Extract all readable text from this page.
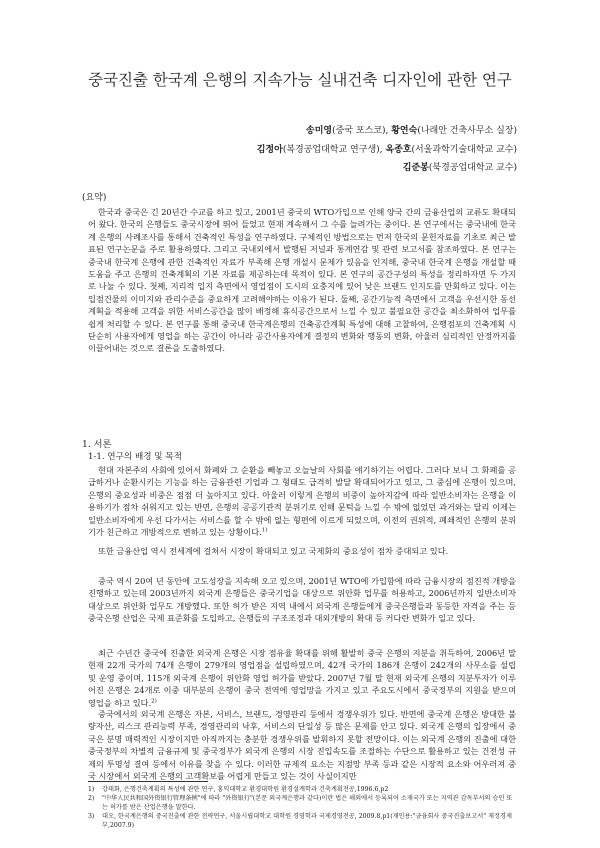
중국진출 한국계 은행의 지속가능 실내건축 디자인에 관한 연구
송미영(중국 포스코), 황연숙(나래안 건축사무소 실장)
김정아(복경공업대학교 연구생), 옥종호(서울과학기술대학교 교수)
김준봉(북경공업대학교 교수)
(요약)

한국과 중국은 긴 20년간 수교를 하고 있고, 2001년 중국의 WTO가입으로 인해 양국 간의 금융산업의 교류도 확대되어 왔다. 한국의 은행들도 중국시장에 뛰어 들었고 현재 계속해서 그 수를 늘려가는 중이다. 본 연구에서는 중국내에 한국계 은행의 사례조사를 통해서 건축적인 특성을 연구하였다. 구체적인 방법으로는 먼저 한국의 문헌자료를 기초로 최근 발표된 연구논문을 주로 활용하였다. 그리고 국내외에서 발행된 저널과 통계연감 및 관련 보고서를 참조하였다. 본 연구는 중국내 한국계 은행에 관한 건축적인 자료가 부족해 은행 개설시 문제가 있음을 인지해, 중국내 한국계 은행을 개설할 때 도움을 주고 은행의 건축계획의 기본 자료를 제공하는데 목적이 있다. 본 연구의 공간구성의 특성을 정리하자면 두 가지로 나눌 수 있다. 첫째, 지리적 입지 측면에서 영업점이 도시의 요충지에 있어 낮은 브랜드 인지도를 만회하고 있다. 이는 입점건물의 이미지와 관리수준을 중요하게 고려해야하는 이유가 된다. 둘째, 공간기능적 측면에서 고객을 우선시한 동선계획을 적용해 고객을 위한 서비스공간을 많이 배정해 휴식공간으로서 느낄 수 있고 불필요한 공간을 최소화하여 업무를 쉽게 처리할 수 있다. 본 연구를 통해 중국내 한국계은행의 건축공간계획 특성에 대해 고찰하여, 은행점포의 건축계획 시 단순히 사용자에게 영업을 하는 공간이 아니라 공간사용자에게 결정의 변화와 행동의 변화, 아울러 심리적인 안정까지를 이끌어내는 것으로 결론을 도출하였다.

1. 서론
1-1. 연구의 배경 및 목적

현대 자본주의 사회에 있어서 화폐와 그 순환을 빼놓고 오늘날의 사회를 얘기하기는 어렵다. 그러다 보니 그 화폐를 공급하거나 순환시키는 기능을 하는 금융관련 기업과 그 형태도 급격히 발달 확대되어가고 있고, 그 중심에 은행이 있으며, 은행의 중요성과 비중은 점점 더 높아지고 있다. 아울러 이렇게 은행의 비중이 높아지감에 따라 일반소비자는 은행을 이용하기가 점차 쉬워지고 있는 반면, 은행의 공공기관적 분위기로 인해 문턱을 느낄 수 밖에 없었던 과거와는 달리 이제는 일반소비자에게 우선 다가서는 서비스를 할 수 밖에 없는 형편에 이르게 되었으며, 이전의 권위적, 폐쇄적인 은행의 분위기가 친근하고 개방적으로 변하고 있는 상황이다.$^{1)}$

또한 금융산업 역시 전세계에 걸쳐서 시장이 확대되고 있고 국제화의 중요성이 점차 증대되고 있다.

중국 역시 20여 년 동안에 고도성장을 지속해 오고 있으며, 2001년 WTO에 가입함에 따라 금융시장의 점진적 개방을 진행하고 있는데 2003년까지 외국계 은행들은 중국기업을 대상으로 위안화 업무를 허용하고, 2006년까지 일반소비자 대상으로 위안화 업무도 개방했다. 또한 허가 받은 지역 내에서 외국계 은행들에게 중국은행들과 동등한 자격을 주는 등 중국은행 산업은 국제 표준화를 도입하고, 은행들의 구조조정과 대외개방의 확대 등 커다란 변화가 일고 있다.

최근 수년간 중국에 진출한 외국계 은행은 시장 점유율 확대를 위해 활발히 중국 은행의 지분을 취득하여, 2006년 말 현재 22개 국가의 74개 은행이 279개의 영업점을 설립하였으며, 42개 국가의 186개 은행이 242개의 사무소를 설립 및 운영 중이며, 115개 외국계 은행이 위안화 영업 허가를 받았다. 2007년 7월 말 현재 외국계 은행의 지분투자가 이루어진 은행은 24개로 이중 대부분의 은행이 중국 전역에 영업망을 가지고 있고 주요도시에서 중국정부의 지원을 받으며 영업을 하고 있다.$^{2)}$

중국에서의 외국계 은행은 자본, 서비스, 브랜드, 경영관리 등에서 경쟁우위가 있다. 반면에 중국계 은행은 방대한 불량자산, 리스크 관리능력 부족, 경영관리의 낙후, 서비스의 단일성 등 많은 문제를 안고 있다. 외국계 은행의 입장에서 중국은 분명 매력적인 시장이지만 아직까지는 충분한 경쟁우위를 발휘하지 못할 전망이다. 이는 외국계 은행의 진출에 대한 중국정부의 차별적 금융규제 및 중국정부가 외국계 은행의 시장 진입속도를 조절하는 수단으로 활용하고 있는 건전성 규제의 투명성 결여 등에서 이유를 찾을 수 있다. 이러한 규제적 요소는 지점망 부족 등과 같은 시장적 요소와 어우러져 중국 시장에서 외국계 은행의 고객확보를 어렵게 만들고 있는 것이 사실이지만

1)	강태화, 은행건축계획의 특성에 관한 연구, 홍익대학교 환경대학원 환경설계학과 건축계획전공,1996.6,p2
2)	"中华人民共和国外资银行管理条例"에 따라 "外资银行"(본문 외국계은행과 같다)이란 법은 해외에서 등록되어 소재국가 또는 지역관 감독부서의 승인 또는 허가를 받은 산업은행을 말한다.
3)	대오, 한국계은행의 중국진출에 관한 전략연구, 서울시립대학교 대학원 경영학과 국제경영전공, 2009.8,p1(재인용:"금융회사 중국진출보고서" 재정경제부,2007.9)
